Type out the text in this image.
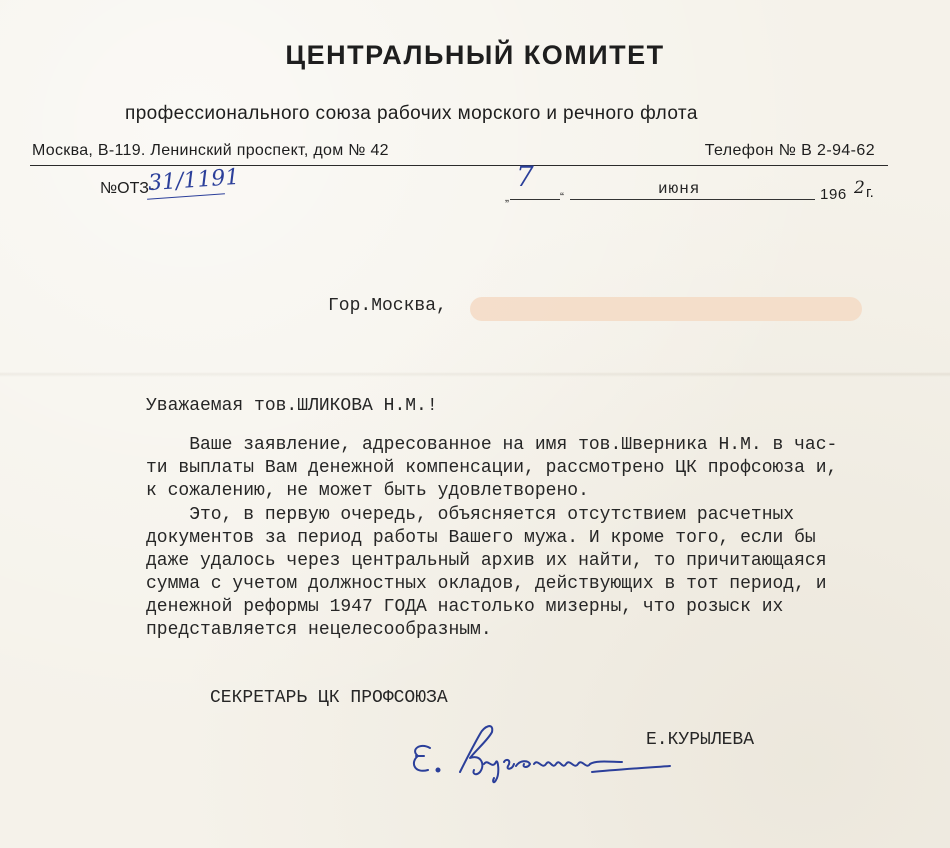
ЦЕНТРАЛЬНЫЙ КОМИТЕТ
профессионального союза рабочих морского и речного флота
Москва, В-119. Ленинский проспект, дом № 42	Телефон № В 2-94-62
№ОТЗ-
31/1191
„
7
“	июня	196 2 г.
Гор.Москва,
Уважаемая тов.ШЛИКОВА Н.М.!
Ваше заявление, адресованное на имя тов.Шверника Н.М. в час-
ти выплаты Вам денежной компенсации, рассмотрено ЦК профсоюза и,
к сожалению, не может быть удовлетворено.
Это, в первую очередь, объясняется отсутствием расчетных
документов за период работы Вашего мужа. И кроме того, если бы
даже удалось через центральный архив их найти, то причитающаяся
сумма с учетом должностных окладов, действующих в тот период, и
денежной реформы 1947 ГОДА настолько мизерны, что розыск их
представляется нецелесообразным.
СЕКРЕТАРЬ ЦК ПРОФСОЮЗА
Е.КУРЫЛЕВА
